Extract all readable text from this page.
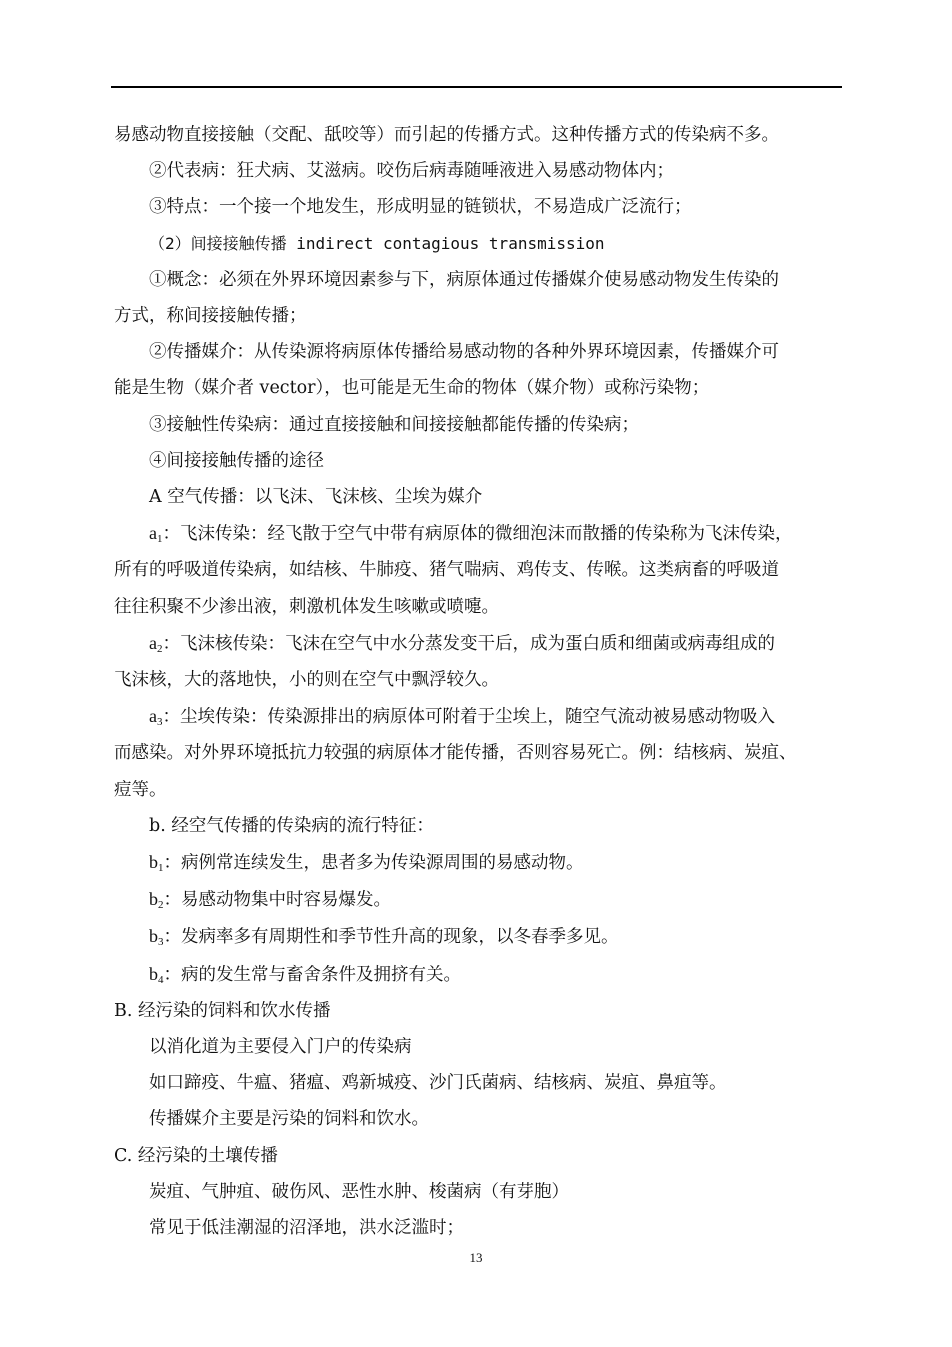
易感动物直接接触（交配、舐咬等）而引起的传播方式。这种传播方式的传染病不多。
②代表病：狂犬病、艾滋病。咬伤后病毒随唾液进入易感动物体内；
③特点：一个接一个地发生，形成明显的链锁状，不易造成广泛流行；
（2）间接接触传播 indirect contagious transmission
①概念：必须在外界环境因素参与下，病原体通过传播媒介使易感动物发生传染的
方式，称间接接触传播；
②传播媒介：从传染源将病原体传播给易感动物的各种外界环境因素，传播媒介可
能是生物（媒介者 vector），也可能是无生命的物体（媒介物）或称污染物；
③接触性传染病：通过直接接触和间接接触都能传播的传染病；
④间接接触传播的途径
A 空气传播：以飞沫、飞沫核、尘埃为媒介
$a_1$：飞沫传染：经飞散于空气中带有病原体的微细泡沫而散播的传染称为飞沫传染，
所有的呼吸道传染病，如结核、牛肺疫、猪气喘病、鸡传支、传喉。这类病畜的呼吸道
往往积聚不少渗出液，刺激机体发生咳嗽或喷嚏。
$a_2$：飞沫核传染：飞沫在空气中水分蒸发变干后，成为蛋白质和细菌或病毒组成的
飞沫核，大的落地快，小的则在空气中飘浮较久。
$a_3$：尘埃传染：传染源排出的病原体可附着于尘埃上，随空气流动被易感动物吸入
而感染。对外界环境抵抗力较强的病原体才能传播，否则容易死亡。例：结核病、炭疽、
痘等。
b. 经空气传播的传染病的流行特征：
$b_1$：病例常连续发生，患者多为传染源周围的易感动物。
$b_2$：易感动物集中时容易爆发。
$b_3$：发病率多有周期性和季节性升高的现象，以冬春季多见。
$b_4$：病的发生常与畜舍条件及拥挤有关。
B. 经污染的饲料和饮水传播
以消化道为主要侵入门户的传染病
如口蹄疫、牛瘟、猪瘟、鸡新城疫、沙门氏菌病、结核病、炭疽、鼻疽等。
传播媒介主要是污染的饲料和饮水。
C. 经污染的土壤传播
炭疽、气肿疽、破伤风、恶性水肿、梭菌病（有芽胞）
常见于低洼潮湿的沼泽地，洪水泛滥时；
13
